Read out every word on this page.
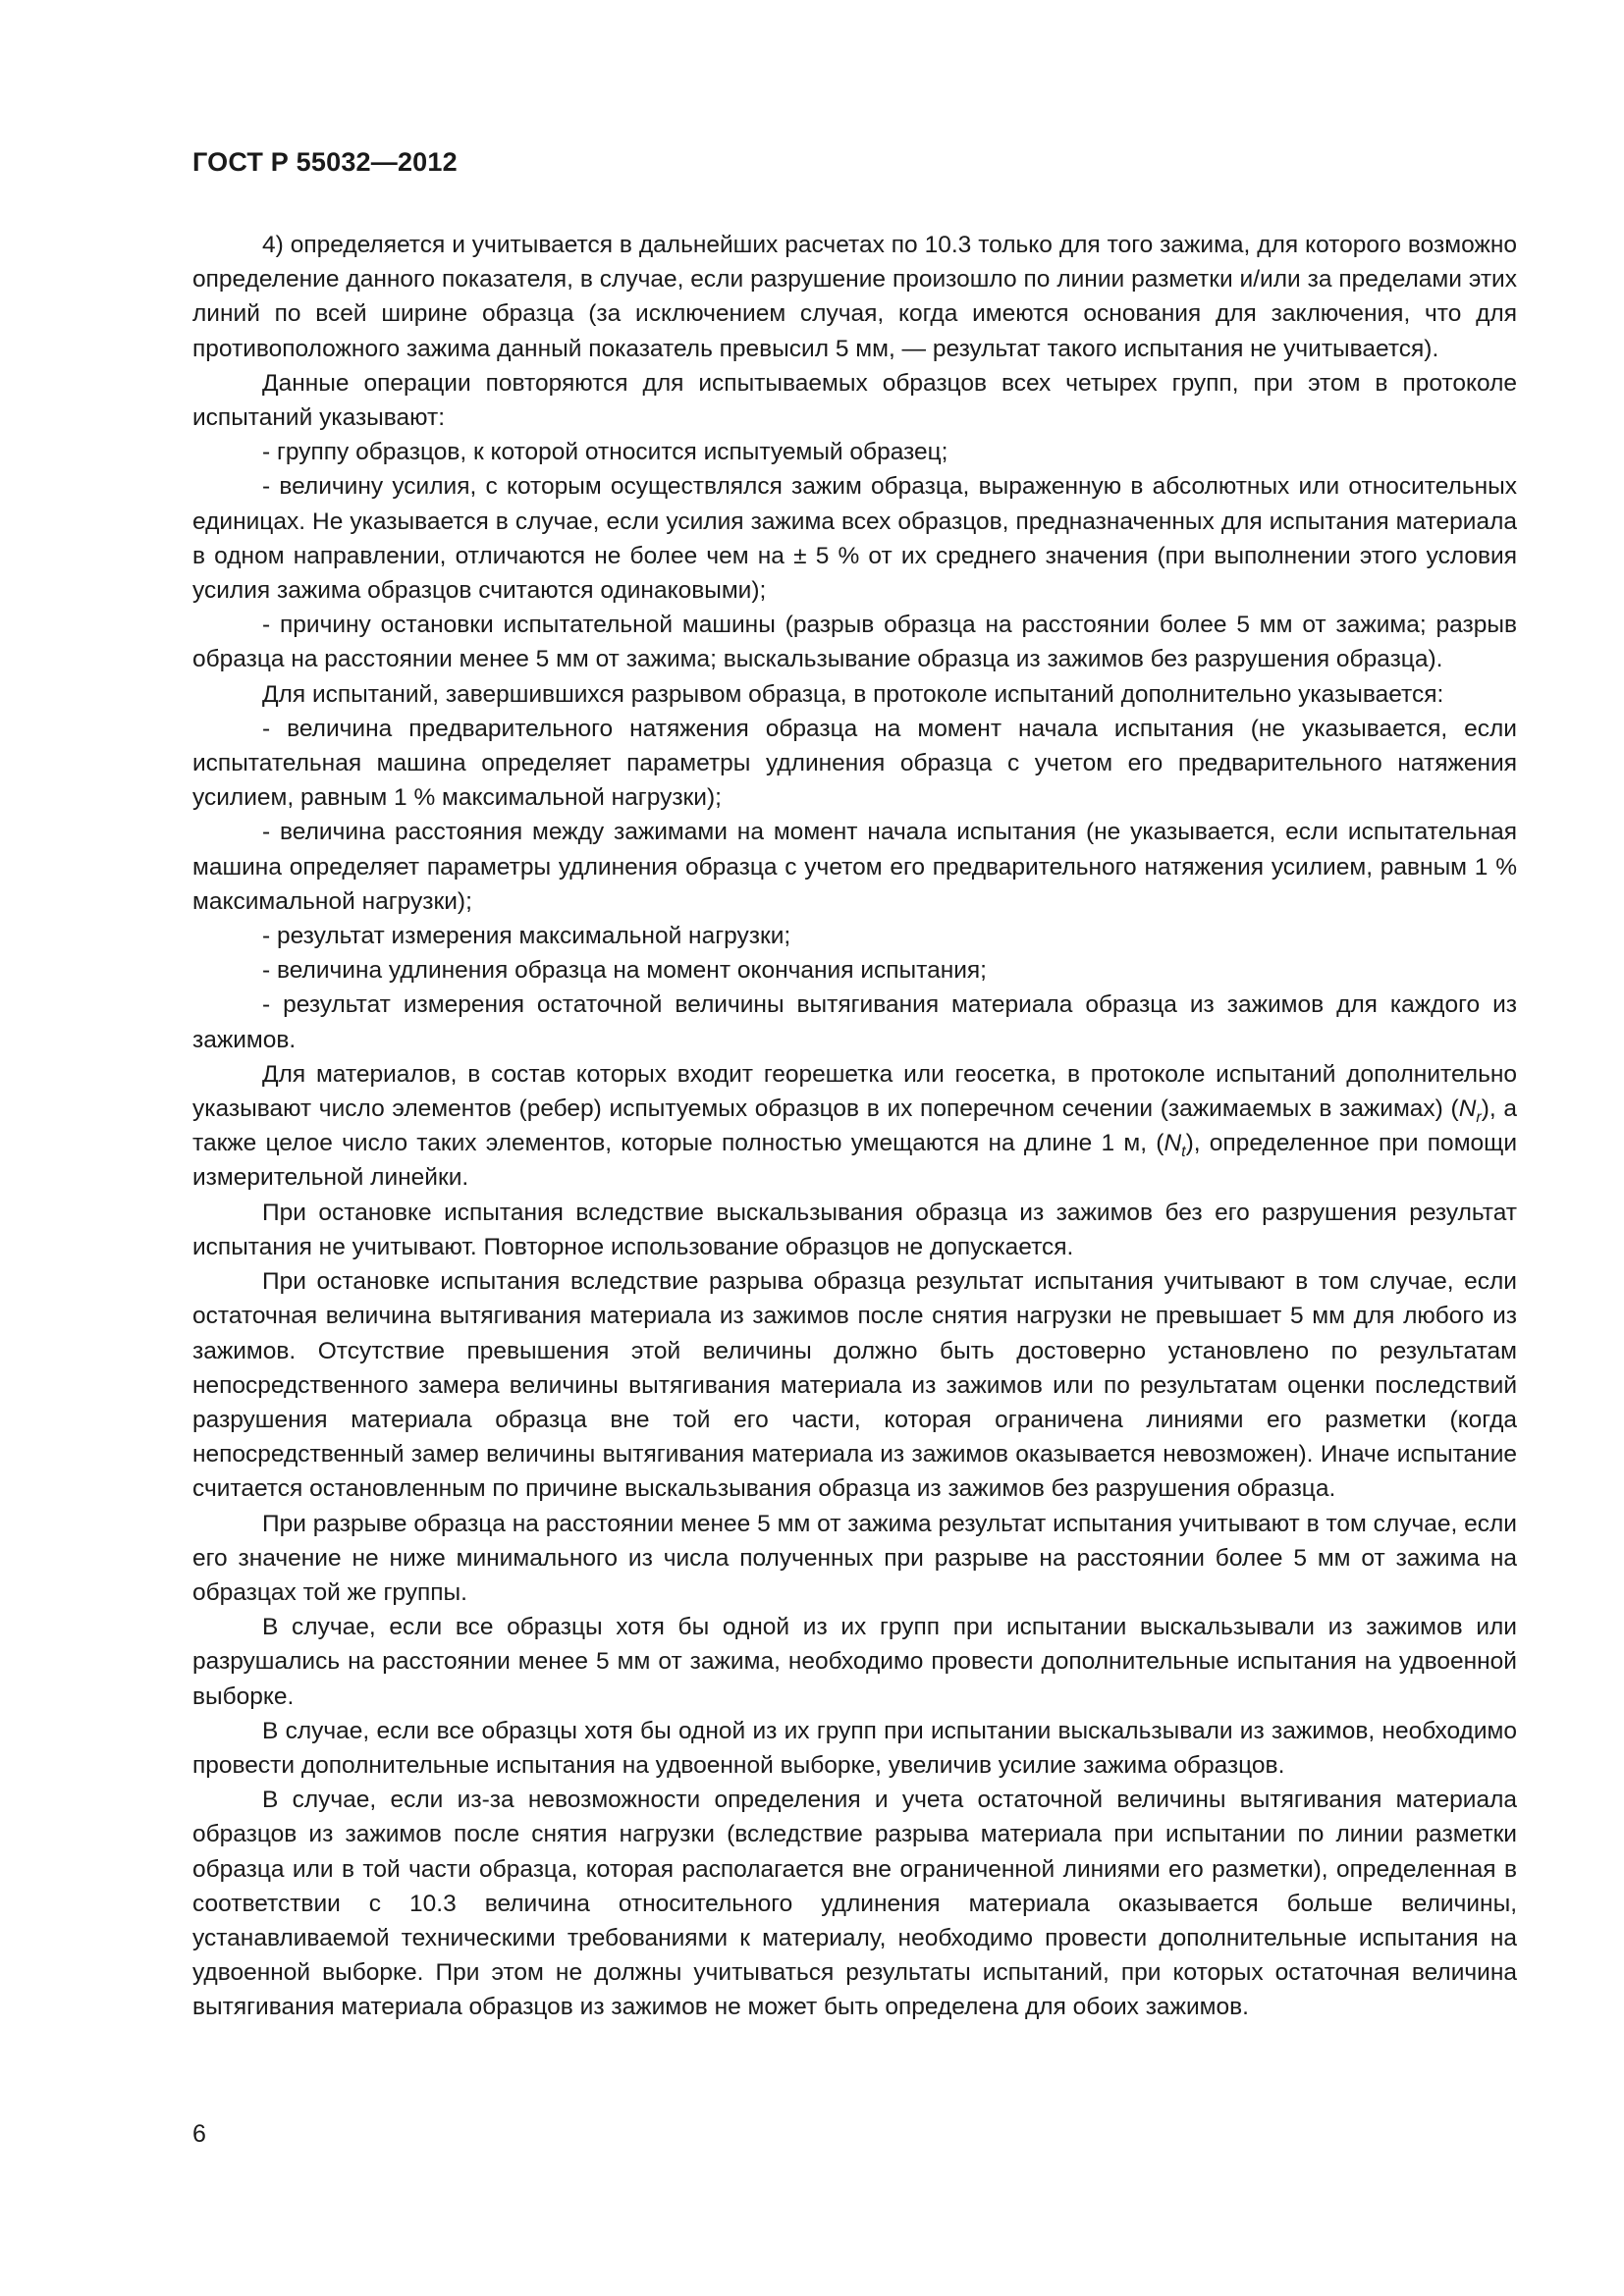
ГОСТ Р 55032—2012

4) определяется и учитывается в дальнейших расчетах по 10.3 только для того зажима, для которого возможно определение данного показателя, в случае, если разрушение произошло по линии разметки и/или за пределами этих линий по всей ширине образца (за исключением случая, когда имеются основания для заключения, что для противоположного зажима данный показатель превысил 5 мм, — результат такого испытания не учитывается).

Данные операции повторяются для испытываемых образцов всех четырех групп, при этом в протоколе испытаний указывают:

- группу образцов, к которой относится испытуемый образец;

- величину усилия, с которым осуществлялся зажим образца, выраженную в абсолютных или относительных единицах. Не указывается в случае, если усилия зажима всех образцов, предназначенных для испытания материала в одном направлении, отличаются не более чем на ± 5 % от их среднего значения (при выполнении этого условия усилия зажима образцов считаются одинаковыми);

- причину остановки испытательной машины (разрыв образца на расстоянии более 5 мм от зажима; разрыв образца на расстоянии менее 5 мм от зажима; выскальзывание образца из зажимов без разрушения образца).

Для испытаний, завершившихся разрывом образца, в протоколе испытаний дополнительно указывается:

- величина предварительного натяжения образца на момент начала испытания (не указывается, если испытательная машина определяет параметры удлинения образца с учетом его предварительного натяжения усилием, равным 1 % максимальной нагрузки);

- величина расстояния между зажимами на момент начала испытания (не указывается, если испытательная машина определяет параметры удлинения образца с учетом его предварительного натяжения усилием, равным 1 % максимальной нагрузки);

- результат измерения максимальной нагрузки;

- величина удлинения образца на момент окончания испытания;

- результат измерения остаточной величины вытягивания материала образца из зажимов для каждого из зажимов.

Для материалов, в состав которых входит георешетка или геосетка, в протоколе испытаний дополнительно указывают число элементов (ребер) испытуемых образцов в их поперечном сечении (зажимаемых в зажимах) $(N_r)$, а также целое число таких элементов, которые полностью умещаются на длине 1 м, $(N_t)$, определенное при помощи измерительной линейки.

При остановке испытания вследствие выскальзывания образца из зажимов без его разрушения результат испытания не учитывают. Повторное использование образцов не допускается.

При остановке испытания вследствие разрыва образца результат испытания учитывают в том случае, если остаточная величина вытягивания материала из зажимов после снятия нагрузки не превышает 5 мм для любого из зажимов. Отсутствие превышения этой величины должно быть достоверно установлено по результатам непосредственного замера величины вытягивания материала из зажимов или по результатам оценки последствий разрушения материала образца вне той его части, которая ограничена линиями его разметки (когда непосредственный замер величины вытягивания материала из зажимов оказывается невозможен). Иначе испытание считается остановленным по причине выскальзывания образца из зажимов без разрушения образца.

При разрыве образца на расстоянии менее 5 мм от зажима результат испытания учитывают в том случае, если его значение не ниже минимального из числа полученных при разрыве на расстоянии более 5 мм от зажима на образцах той же группы.

В случае, если все образцы хотя бы одной из их групп при испытании выскальзывали из зажимов или разрушались на расстоянии менее 5 мм от зажима, необходимо провести дополнительные испытания на удвоенной выборке.

В случае, если все образцы хотя бы одной из их групп при испытании выскальзывали из зажимов, необходимо провести дополнительные испытания на удвоенной выборке, увеличив усилие зажима образцов.

В случае, если из-за невозможности определения и учета остаточной величины вытягивания материала образцов из зажимов после снятия нагрузки (вследствие разрыва материала при испытании по линии разметки образца или в той части образца, которая располагается вне ограниченной линиями его разметки), определенная в соответствии с 10.3 величина относительного удлинения материала оказывается больше величины, устанавливаемой техническими требованиями к материалу, необходимо провести дополнительные испытания на удвоенной выборке. При этом не должны учитываться результаты испытаний, при которых остаточная величина вытягивания материала образцов из зажимов не может быть определена для обоих зажимов.

6
